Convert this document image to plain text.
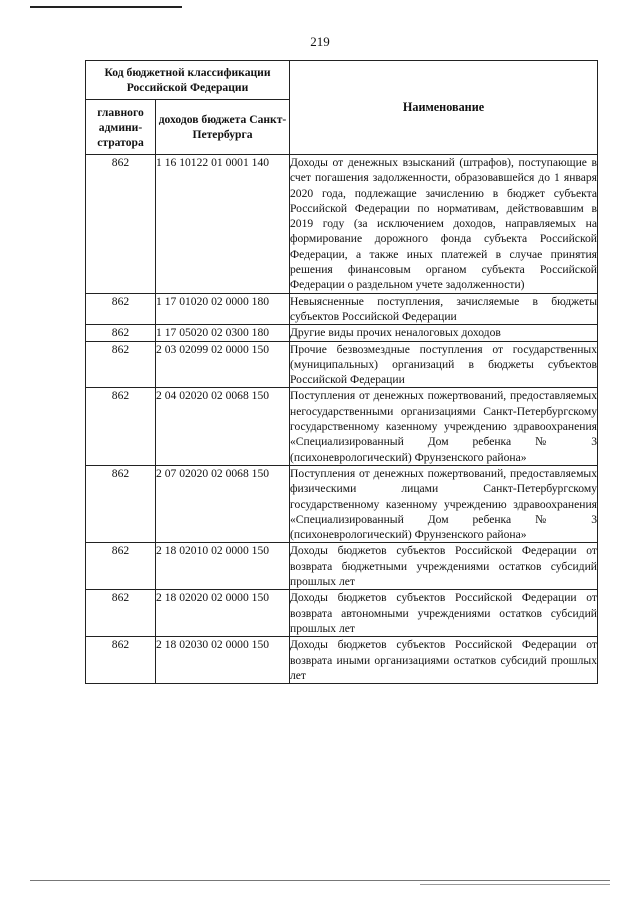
219
Код бюджетной классификации Российской Федерации		Наименование
главного админи-стратора	доходов бюджета Санкт-Петербурга	
862	1 16 10122 01 0001 140	Доходы от денежных взысканий (штрафов), поступающие в счет погашения задолженности, образовавшейся до 1 января 2020 года, подлежащие зачислению в бюджет субъекта Российской Федерации по нормативам, действовавшим в 2019 году (за исключением доходов, направляемых на формирование дорожного фонда субъекта Российской Федерации, а также иных платежей в случае принятия решения финансовым органом субъекта Российской Федерации о раздельном учете задолженности)
862	1 17 01020 02 0000 180	Невыясненные поступления, зачисляемые в бюджеты субъектов Российской Федерации
862	1 17 05020 02 0300 180	Другие виды прочих неналоговых доходов
862	2 03 02099 02 0000 150	Прочие безвозмездные поступления от государственных (муниципальных) организаций в бюджеты субъектов Российской Федерации
862	2 04 02020 02 0068 150	Поступления от денежных пожертвований, предоставляемых негосударственными организациями Санкт-Петербургскому государственному казенному учреждению здравоохранения «Специализированный Дом ребенка № 3 (психоневрологический) Фрунзенского района»
862	2 07 02020 02 0068 150	Поступления от денежных пожертвований, предоставляемых физическими лицами Санкт-Петербургскому государственному казенному учреждению здравоохранения «Специализированный Дом ребенка № 3 (психоневрологический) Фрунзенского района»
862	2 18 02010 02 0000 150	Доходы бюджетов субъектов Российской Федерации от возврата бюджетными учреждениями остатков субсидий прошлых лет
862	2 18 02020 02 0000 150	Доходы бюджетов субъектов Российской Федерации от возврата автономными учреждениями остатков субсидий прошлых лет
862	2 18 02030 02 0000 150	Доходы бюджетов субъектов Российской Федерации от возврата иными организациями остатков субсидий прошлых лет
